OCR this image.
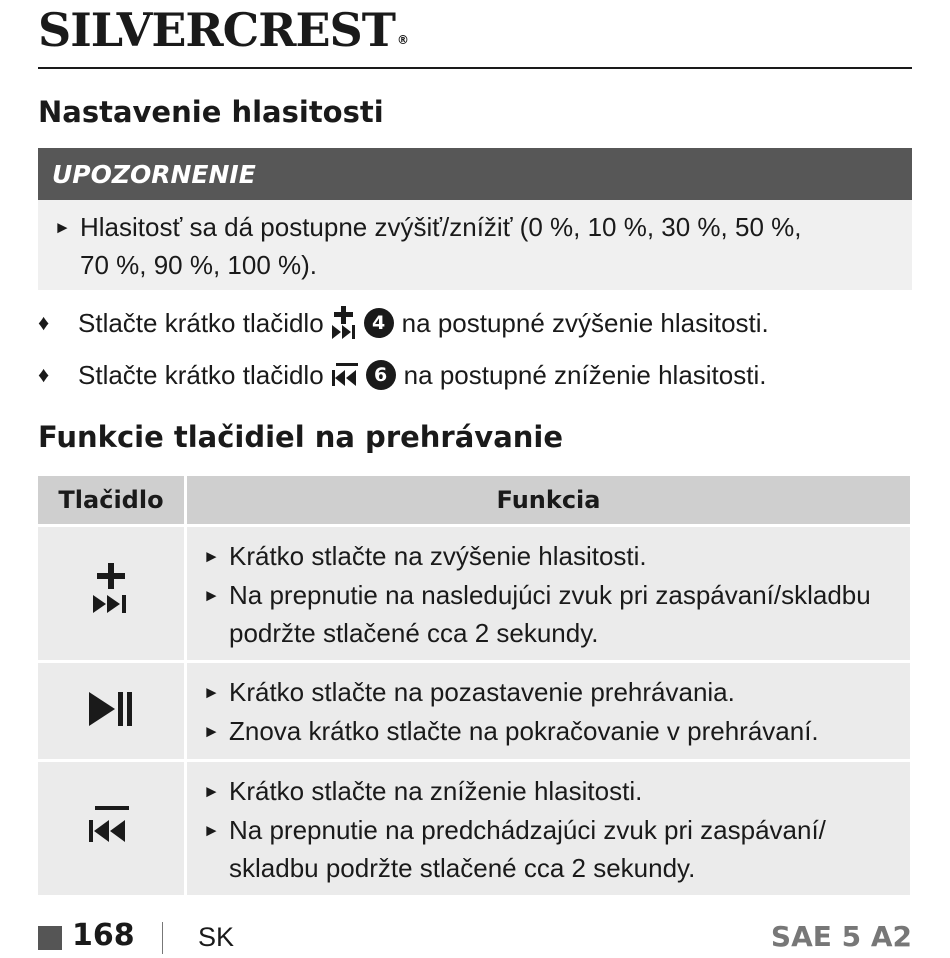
SILVERCREST ®
Nastavenie hlasitosti
UPOZORNENIE
► Hlasitosť sa dá postupne zvýšiť/znížiť (0 %, 10 %, 30 %, 50 %,
70 %, 90 %, 100 %).
♦	Stlačte krátko tlačidlo	4 na postupné zvýšenie hlasitosti.
♦	Stlačte krátko tlačidlo	6 na postupné zníženie hlasitosti.
Funkcie tlačidiel na prehrávanie
Tlačidlo	Funkcia

► Krátko stlačte na zvýšenie hlasitosti.
► Na prepnutie na nasledujúci zvuk pri zaspávaní/skladbu
podržte stlačené cca 2 sekundy.

► Krátko stlačte na pozastavenie prehrávania.
► Znova krátko stlačte na pokračovanie v prehrávaní.

► Krátko stlačte na zníženie hlasitosti.
► Na prepnutie na predchádzajúci zvuk pri zaspávaní/
skladbu podržte stlačené cca 2 sekundy.
168 SK	SAE 5 A2
